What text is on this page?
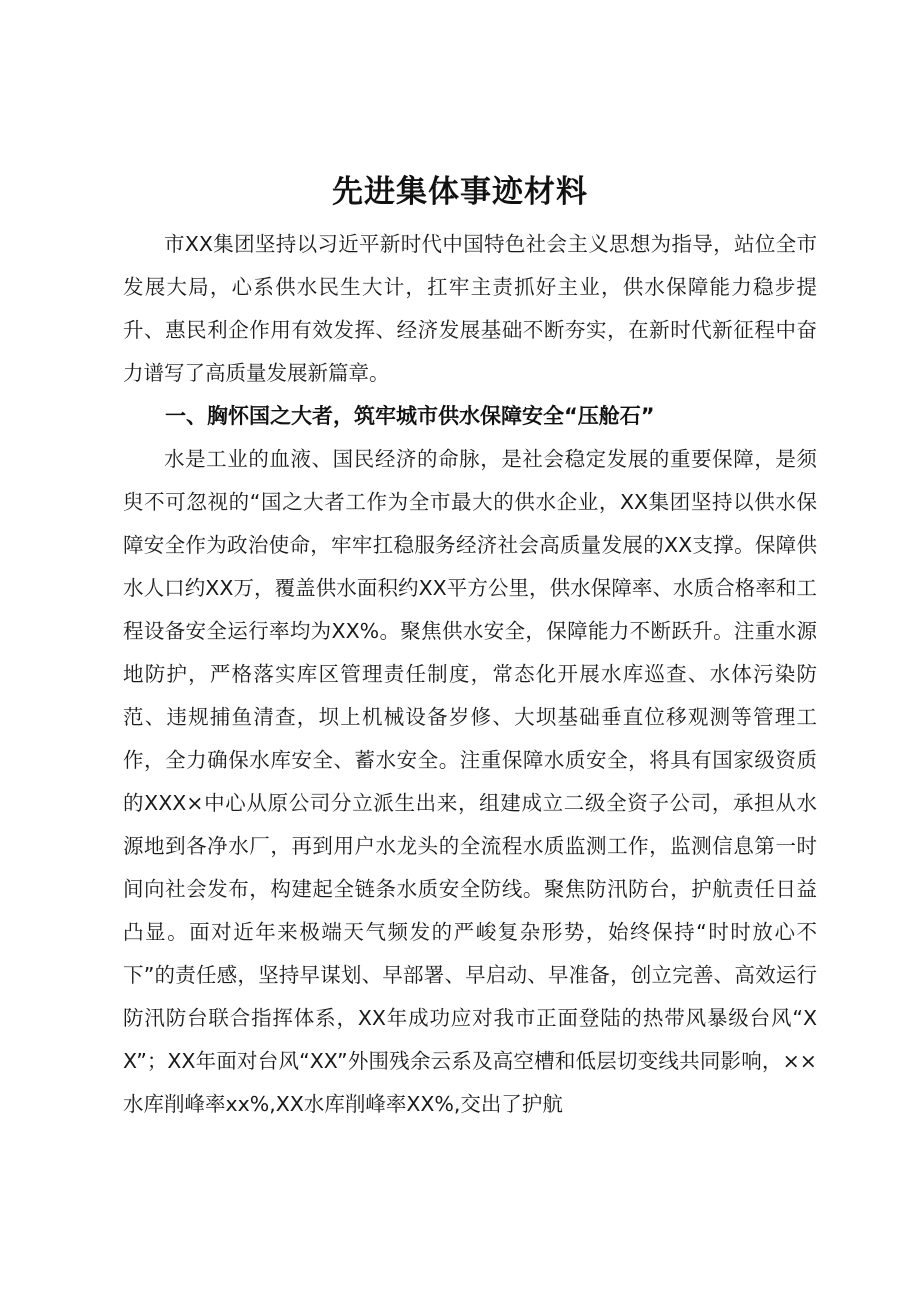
先进集体事迹材料

市XX集团坚持以习近平新时代中国特色社会主义思想为指导，站位全市发展大局，心系供水民生大计，扛牢主责抓好主业，供水保障能力稳步提升、惠民利企作用有效发挥、经济发展基础不断夯实，在新时代新征程中奋力谱写了高质量发展新篇章。

一、胸怀国之大者，筑牢城市供水保障安全“压舱石”

水是工业的血液、国民经济的命脉，是社会稳定发展的重要保障，是须臾不可忽视的“国之大者工作为全市最大的供水企业，XX集团坚持以供水保障安全作为政治使命，牢牢扛稳服务经济社会高质量发展的XX支撑。保障供水人口约XX万，覆盖供水面积约XX平方公里，供水保障率、水质合格率和工程设备安全运行率均为XX%。聚焦供水安全，保障能力不断跃升。注重水源地防护，严格落实库区管理责任制度，常态化开展水库巡查、水体污染防范、违规捕鱼清查，坝上机械设备岁修、大坝基础垂直位移观测等管理工作，全力确保水库安全、蓄水安全。注重保障水质安全，将具有国家级资质的XXX×中心从原公司分立派生出来，组建成立二级全资子公司，承担从水源地到各净水厂，再到用户水龙头的全流程水质监测工作，监测信息第一时间向社会发布，构建起全链条水质安全防线。聚焦防汛防台，护航责任日益凸显。面对近年来极端天气频发的严峻复杂形势，始终保持“时时放心不下”的责任感，坚持早谋划、早部署、早启动、早准备，创立完善、高效运行防汛防台联合指挥体系，XX年成功应对我市正面登陆的热带风暴级台风“XX”；XX年面对台风“XX”外围残余云系及高空槽和低层切变线共同影响，××水库削峰率xx%,XX水库削峰率XX%,交出了护航
